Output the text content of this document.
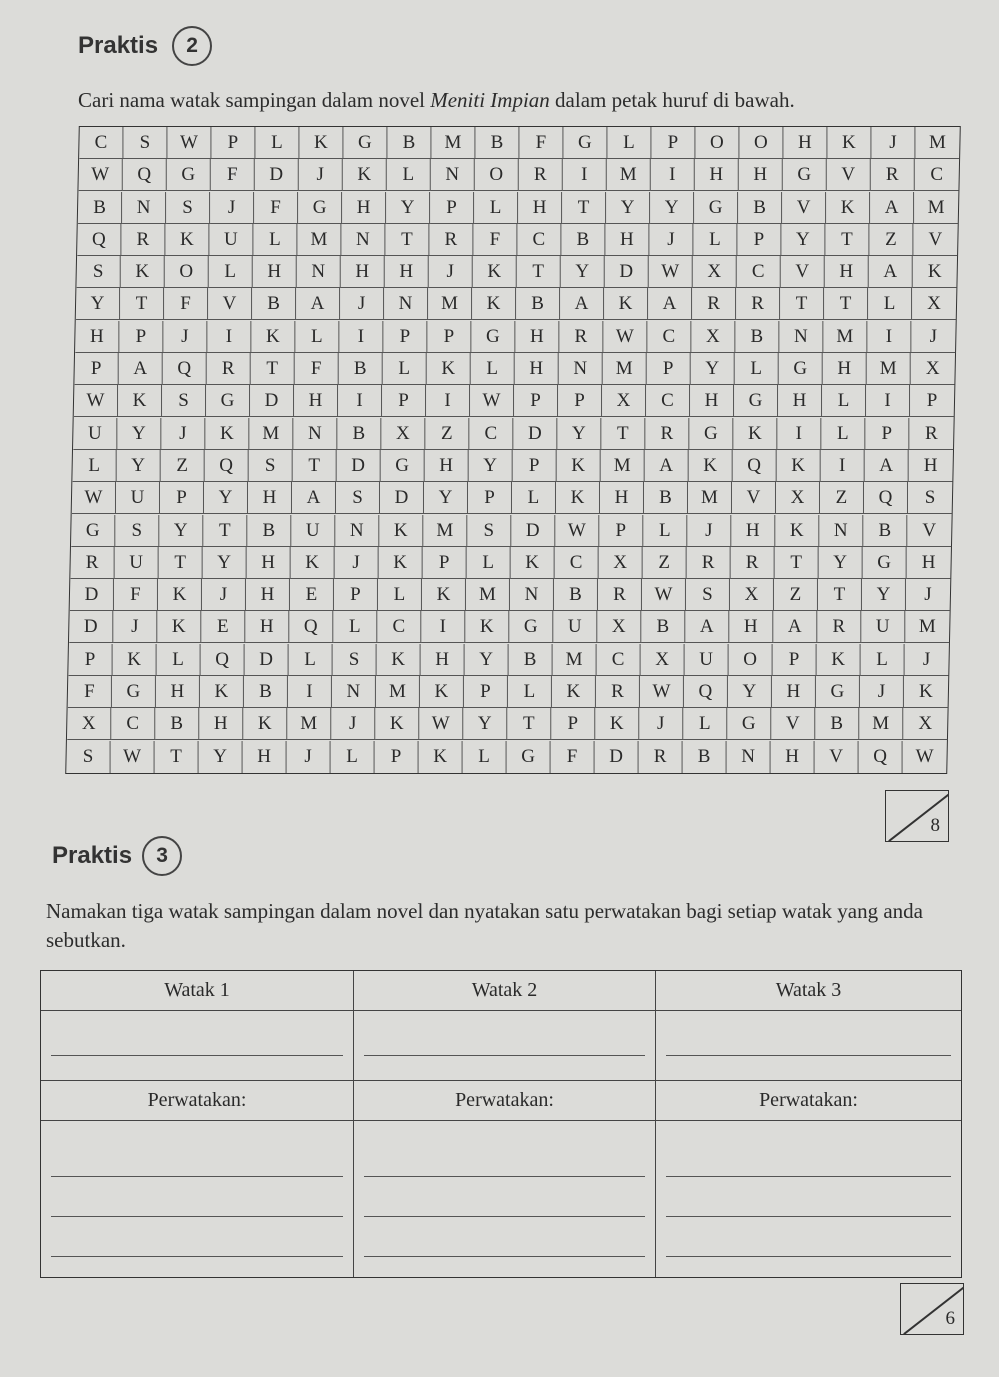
Praktis	2
Cari nama watak sampingan dalam novel Meniti Impian dalam petak huruf di bawah.
C	S	W	P	L	K	G	B	M	B	F	G	L	P	O	O	H	K	J	M
W	Q	G	F	D	J	K	L	N	O	R	I	M	I	H	H	G	V	R	C
B	N	S	J	F	G	H	Y	P	L	H	T	Y	Y	G	B	V	K	A	M
Q	R	K	U	L	M	N	T	R	F	C	B	H	J	L	P	Y	T	Z	V
S	K	O	L	H	N	H	H	J	K	T	Y	D	W	X	C	V	H	A	K
Y	T	F	V	B	A	J	N	M	K	B	A	K	A	R	R	T	T	L	X
H	P	J	I	K	L	I	P	P	G	H	R	W	C	X	B	N	M	I	J
P	A	Q	R	T	F	B	L	K	L	H	N	M	P	Y	L	G	H	M	X
W	K	S	G	D	H	I	P	I	W	P	P	X	C	H	G	H	L	I	P
U	Y	J	K	M	N	B	X	Z	C	D	Y	T	R	G	K	I	L	P	R
L	Y	Z	Q	S	T	D	G	H	Y	P	K	M	A	K	Q	K	I	A	H
W	U	P	Y	H	A	S	D	Y	P	L	K	H	B	M	V	X	Z	Q	S
G	S	Y	T	B	U	N	K	M	S	D	W	P	L	J	H	K	N	B	V
R	U	T	Y	H	K	J	K	P	L	K	C	X	Z	R	R	T	Y	G	H
D	F	K	J	H	E	P	L	K	M	N	B	R	W	S	X	Z	T	Y	J
D	J	K	E	H	Q	L	C	I	K	G	U	X	B	A	H	A	R	U	M
P	K	L	Q	D	L	S	K	H	Y	B	M	C	X	U	O	P	K	L	J
F	G	H	K	B	I	N	M	K	P	L	K	R	W	Q	Y	H	G	J	K
X	C	B	H	K	M	J	K	W	Y	T	P	K	J	L	G	V	B	M	X
S	W	T	Y	H	J	L	P	K	L	G	F	D	R	B	N	H	V	Q	W
8
Praktis	3
Namakan tiga watak sampingan dalam novel dan nyatakan satu perwatakan bagi setiap watak yang anda sebutkan.
Watak 1	Watak 2	Watak 3
Perwatakan:	Perwatakan:	Perwatakan:
6
